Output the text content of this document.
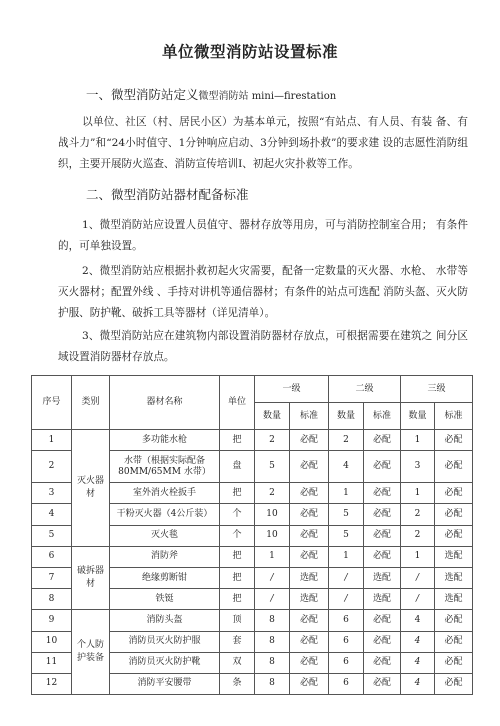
单位微型消防站设置标准
一、微型消防站定义微型消防站 mini—firestation
以单位、社区（村、居民小区）为基本单元，按照“有站点、有人员、有装 备、有战斗力”和“24小时值守、1分钟响应启动、3分钟到场扑救”的要求建 设的志愿性消防组织，主要开展防火巡查、消防宣传培训I、初起火灾扑救等工作。
二、微型消防站器材配备标准
1、微型消防站应设置人员值守、器材存放等用房，可与消防控制室合用； 有条件的，可单独设置。
2、微型消防站应根据扑救初起火灾需要，配备一定数量的灭火器、水枪、 水带等灭火器材；配置外线 、手持对讲机等通信器材；有条件的站点可选配 消防头盔、灭火防护服、防护靴、破拆工具等器材（详见清单）。
3、微型消防站应在建筑物内部设置消防器材存放点，可根据需要在建筑之 间分区域设置消防器材存放点。
序号	类别	器材名称	单位	一级		二级		三级	
				数量	标准	数量	标准	数量	标准
1	灭火器材	多功能水枪	把	2	必配	2	必配	1	必配
2		水带（根据实际配备80MM/65MM 水带）	盘	5	必配	4	必配	3	必配
3		室外消火栓扳手	把	2	必配	1	必配	1	必配
4		干粉灭火器（4公斤装）	个	10	必配	5	必配	2	必配
5		灭火毯	个	10	必配	5	必配	2	必配
6	破拆器材	消防斧	把	1	必配	1	必配	1	选配
7		绝缘剪断钳	把	/	选配	/	选配	/	选配
8		铁铤	把	/	选配	/	选配	/	选配
9	个人防护装备	消防头盔	顶	8	必配	6	必配	4	必配
10		消防员灭火防护服	套	8	必配	6	必配	4	必配
11		消防员灭火防护靴	双	8	必配	6	必配	4	必配
12		消防平安腰带	条	8	必配	6	必配	4	必配
